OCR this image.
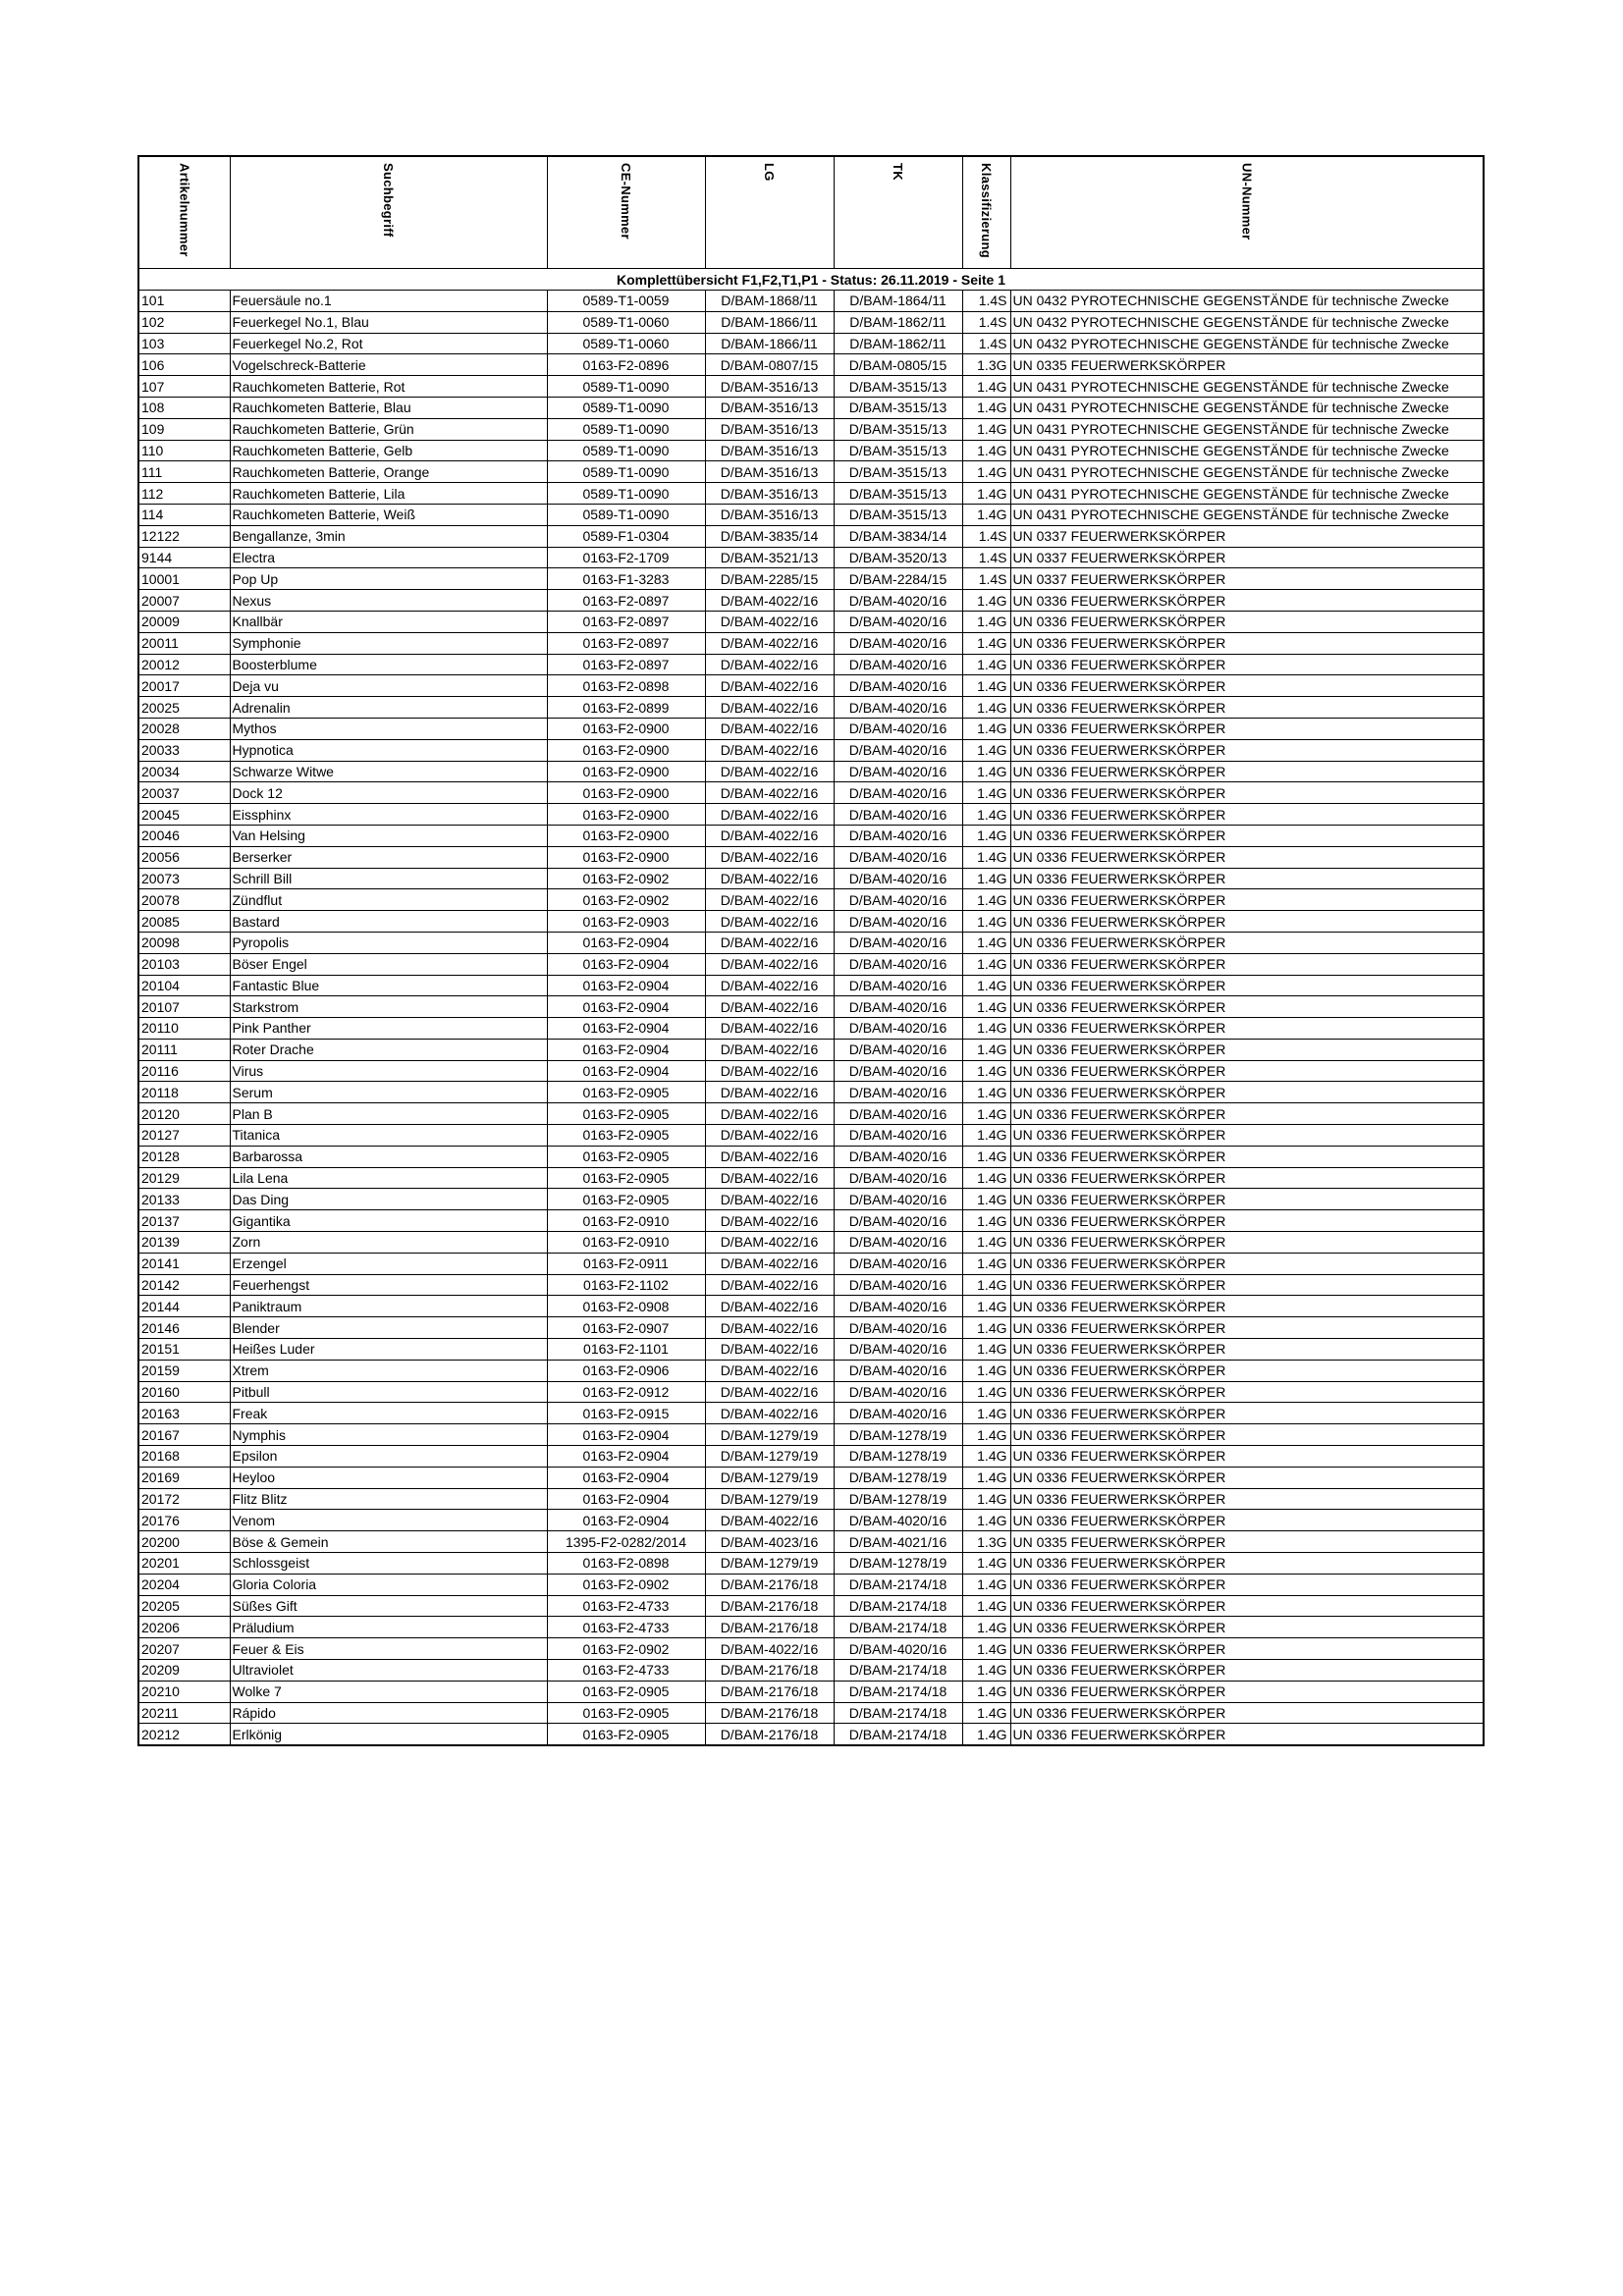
Artikelnummer	Suchbegriff	CE-Nummer	LG	TK	Klassifizierung	UN-Nummer
Komplettübersicht F1,F2,T1,P1 - Status: 26.11.2019 - Seite 1						
101	Feuersäule no.1	0589-T1-0059	D/BAM-1868/11	D/BAM-1864/11	1.4S	UN 0432 PYROTECHNISCHE GEGENSTÄNDE für technische Zwecke
102	Feuerkegel No.1, Blau	0589-T1-0060	D/BAM-1866/11	D/BAM-1862/11	1.4S	UN 0432 PYROTECHNISCHE GEGENSTÄNDE für technische Zwecke
103	Feuerkegel No.2, Rot	0589-T1-0060	D/BAM-1866/11	D/BAM-1862/11	1.4S	UN 0432 PYROTECHNISCHE GEGENSTÄNDE für technische Zwecke
106	Vogelschreck-Batterie	0163-F2-0896	D/BAM-0807/15	D/BAM-0805/15	1.3G	UN 0335 FEUERWERKSKÖRPER
107	Rauchkometen Batterie, Rot	0589-T1-0090	D/BAM-3516/13	D/BAM-3515/13	1.4G	UN 0431 PYROTECHNISCHE GEGENSTÄNDE für technische Zwecke
108	Rauchkometen Batterie, Blau	0589-T1-0090	D/BAM-3516/13	D/BAM-3515/13	1.4G	UN 0431 PYROTECHNISCHE GEGENSTÄNDE für technische Zwecke
109	Rauchkometen Batterie, Grün	0589-T1-0090	D/BAM-3516/13	D/BAM-3515/13	1.4G	UN 0431 PYROTECHNISCHE GEGENSTÄNDE für technische Zwecke
110	Rauchkometen Batterie, Gelb	0589-T1-0090	D/BAM-3516/13	D/BAM-3515/13	1.4G	UN 0431 PYROTECHNISCHE GEGENSTÄNDE für technische Zwecke
111	Rauchkometen Batterie, Orange	0589-T1-0090	D/BAM-3516/13	D/BAM-3515/13	1.4G	UN 0431 PYROTECHNISCHE GEGENSTÄNDE für technische Zwecke
112	Rauchkometen Batterie, Lila	0589-T1-0090	D/BAM-3516/13	D/BAM-3515/13	1.4G	UN 0431 PYROTECHNISCHE GEGENSTÄNDE für technische Zwecke
114	Rauchkometen Batterie, Weiß	0589-T1-0090	D/BAM-3516/13	D/BAM-3515/13	1.4G	UN 0431 PYROTECHNISCHE GEGENSTÄNDE für technische Zwecke
12122	Bengallanze, 3min	0589-F1-0304	D/BAM-3835/14	D/BAM-3834/14	1.4S	UN 0337 FEUERWERKSKÖRPER
9144	Electra	0163-F2-1709	D/BAM-3521/13	D/BAM-3520/13	1.4S	UN 0337 FEUERWERKSKÖRPER
10001	Pop Up	0163-F1-3283	D/BAM-2285/15	D/BAM-2284/15	1.4S	UN 0337 FEUERWERKSKÖRPER
20007	Nexus	0163-F2-0897	D/BAM-4022/16	D/BAM-4020/16	1.4G	UN 0336 FEUERWERKSKÖRPER
20009	Knallbär	0163-F2-0897	D/BAM-4022/16	D/BAM-4020/16	1.4G	UN 0336 FEUERWERKSKÖRPER
20011	Symphonie	0163-F2-0897	D/BAM-4022/16	D/BAM-4020/16	1.4G	UN 0336 FEUERWERKSKÖRPER
20012	Boosterblume	0163-F2-0897	D/BAM-4022/16	D/BAM-4020/16	1.4G	UN 0336 FEUERWERKSKÖRPER
20017	Deja vu	0163-F2-0898	D/BAM-4022/16	D/BAM-4020/16	1.4G	UN 0336 FEUERWERKSKÖRPER
20025	Adrenalin	0163-F2-0899	D/BAM-4022/16	D/BAM-4020/16	1.4G	UN 0336 FEUERWERKSKÖRPER
20028	Mythos	0163-F2-0900	D/BAM-4022/16	D/BAM-4020/16	1.4G	UN 0336 FEUERWERKSKÖRPER
20033	Hypnotica	0163-F2-0900	D/BAM-4022/16	D/BAM-4020/16	1.4G	UN 0336 FEUERWERKSKÖRPER
20034	Schwarze Witwe	0163-F2-0900	D/BAM-4022/16	D/BAM-4020/16	1.4G	UN 0336 FEUERWERKSKÖRPER
20037	Dock 12	0163-F2-0900	D/BAM-4022/16	D/BAM-4020/16	1.4G	UN 0336 FEUERWERKSKÖRPER
20045	Eissphinx	0163-F2-0900	D/BAM-4022/16	D/BAM-4020/16	1.4G	UN 0336 FEUERWERKSKÖRPER
20046	Van Helsing	0163-F2-0900	D/BAM-4022/16	D/BAM-4020/16	1.4G	UN 0336 FEUERWERKSKÖRPER
20056	Berserker	0163-F2-0900	D/BAM-4022/16	D/BAM-4020/16	1.4G	UN 0336 FEUERWERKSKÖRPER
20073	Schrill Bill	0163-F2-0902	D/BAM-4022/16	D/BAM-4020/16	1.4G	UN 0336 FEUERWERKSKÖRPER
20078	Zündflut	0163-F2-0902	D/BAM-4022/16	D/BAM-4020/16	1.4G	UN 0336 FEUERWERKSKÖRPER
20085	Bastard	0163-F2-0903	D/BAM-4022/16	D/BAM-4020/16	1.4G	UN 0336 FEUERWERKSKÖRPER
20098	Pyropolis	0163-F2-0904	D/BAM-4022/16	D/BAM-4020/16	1.4G	UN 0336 FEUERWERKSKÖRPER
20103	Böser Engel	0163-F2-0904	D/BAM-4022/16	D/BAM-4020/16	1.4G	UN 0336 FEUERWERKSKÖRPER
20104	Fantastic Blue	0163-F2-0904	D/BAM-4022/16	D/BAM-4020/16	1.4G	UN 0336 FEUERWERKSKÖRPER
20107	Starkstrom	0163-F2-0904	D/BAM-4022/16	D/BAM-4020/16	1.4G	UN 0336 FEUERWERKSKÖRPER
20110	Pink Panther	0163-F2-0904	D/BAM-4022/16	D/BAM-4020/16	1.4G	UN 0336 FEUERWERKSKÖRPER
20111	Roter Drache	0163-F2-0904	D/BAM-4022/16	D/BAM-4020/16	1.4G	UN 0336 FEUERWERKSKÖRPER
20116	Virus	0163-F2-0904	D/BAM-4022/16	D/BAM-4020/16	1.4G	UN 0336 FEUERWERKSKÖRPER
20118	Serum	0163-F2-0905	D/BAM-4022/16	D/BAM-4020/16	1.4G	UN 0336 FEUERWERKSKÖRPER
20120	Plan B	0163-F2-0905	D/BAM-4022/16	D/BAM-4020/16	1.4G	UN 0336 FEUERWERKSKÖRPER
20127	Titanica	0163-F2-0905	D/BAM-4022/16	D/BAM-4020/16	1.4G	UN 0336 FEUERWERKSKÖRPER
20128	Barbarossa	0163-F2-0905	D/BAM-4022/16	D/BAM-4020/16	1.4G	UN 0336 FEUERWERKSKÖRPER
20129	Lila Lena	0163-F2-0905	D/BAM-4022/16	D/BAM-4020/16	1.4G	UN 0336 FEUERWERKSKÖRPER
20133	Das Ding	0163-F2-0905	D/BAM-4022/16	D/BAM-4020/16	1.4G	UN 0336 FEUERWERKSKÖRPER
20137	Gigantika	0163-F2-0910	D/BAM-4022/16	D/BAM-4020/16	1.4G	UN 0336 FEUERWERKSKÖRPER
20139	Zorn	0163-F2-0910	D/BAM-4022/16	D/BAM-4020/16	1.4G	UN 0336 FEUERWERKSKÖRPER
20141	Erzengel	0163-F2-0911	D/BAM-4022/16	D/BAM-4020/16	1.4G	UN 0336 FEUERWERKSKÖRPER
20142	Feuerhengst	0163-F2-1102	D/BAM-4022/16	D/BAM-4020/16	1.4G	UN 0336 FEUERWERKSKÖRPER
20144	Paniktraum	0163-F2-0908	D/BAM-4022/16	D/BAM-4020/16	1.4G	UN 0336 FEUERWERKSKÖRPER
20146	Blender	0163-F2-0907	D/BAM-4022/16	D/BAM-4020/16	1.4G	UN 0336 FEUERWERKSKÖRPER
20151	Heißes Luder	0163-F2-1101	D/BAM-4022/16	D/BAM-4020/16	1.4G	UN 0336 FEUERWERKSKÖRPER
20159	Xtrem	0163-F2-0906	D/BAM-4022/16	D/BAM-4020/16	1.4G	UN 0336 FEUERWERKSKÖRPER
20160	Pitbull	0163-F2-0912	D/BAM-4022/16	D/BAM-4020/16	1.4G	UN 0336 FEUERWERKSKÖRPER
20163	Freak	0163-F2-0915	D/BAM-4022/16	D/BAM-4020/16	1.4G	UN 0336 FEUERWERKSKÖRPER
20167	Nymphis	0163-F2-0904	D/BAM-1279/19	D/BAM-1278/19	1.4G	UN 0336 FEUERWERKSKÖRPER
20168	Epsilon	0163-F2-0904	D/BAM-1279/19	D/BAM-1278/19	1.4G	UN 0336 FEUERWERKSKÖRPER
20169	Heyloo	0163-F2-0904	D/BAM-1279/19	D/BAM-1278/19	1.4G	UN 0336 FEUERWERKSKÖRPER
20172	Flitz Blitz	0163-F2-0904	D/BAM-1279/19	D/BAM-1278/19	1.4G	UN 0336 FEUERWERKSKÖRPER
20176	Venom	0163-F2-0904	D/BAM-4022/16	D/BAM-4020/16	1.4G	UN 0336 FEUERWERKSKÖRPER
20200	Böse & Gemein	1395-F2-0282/2014	D/BAM-4023/16	D/BAM-4021/16	1.3G	UN 0335 FEUERWERKSKÖRPER
20201	Schlossgeist	0163-F2-0898	D/BAM-1279/19	D/BAM-1278/19	1.4G	UN 0336 FEUERWERKSKÖRPER
20204	Gloria Coloria	0163-F2-0902	D/BAM-2176/18	D/BAM-2174/18	1.4G	UN 0336 FEUERWERKSKÖRPER
20205	Süßes Gift	0163-F2-4733	D/BAM-2176/18	D/BAM-2174/18	1.4G	UN 0336 FEUERWERKSKÖRPER
20206	Präludium	0163-F2-4733	D/BAM-2176/18	D/BAM-2174/18	1.4G	UN 0336 FEUERWERKSKÖRPER
20207	Feuer & Eis	0163-F2-0902	D/BAM-4022/16	D/BAM-4020/16	1.4G	UN 0336 FEUERWERKSKÖRPER
20209	Ultraviolet	0163-F2-4733	D/BAM-2176/18	D/BAM-2174/18	1.4G	UN 0336 FEUERWERKSKÖRPER
20210	Wolke 7	0163-F2-0905	D/BAM-2176/18	D/BAM-2174/18	1.4G	UN 0336 FEUERWERKSKÖRPER
20211	Rápido	0163-F2-0905	D/BAM-2176/18	D/BAM-2174/18	1.4G	UN 0336 FEUERWERKSKÖRPER
20212	Erlkönig	0163-F2-0905	D/BAM-2176/18	D/BAM-2174/18	1.4G	UN 0336 FEUERWERKSKÖRPER
